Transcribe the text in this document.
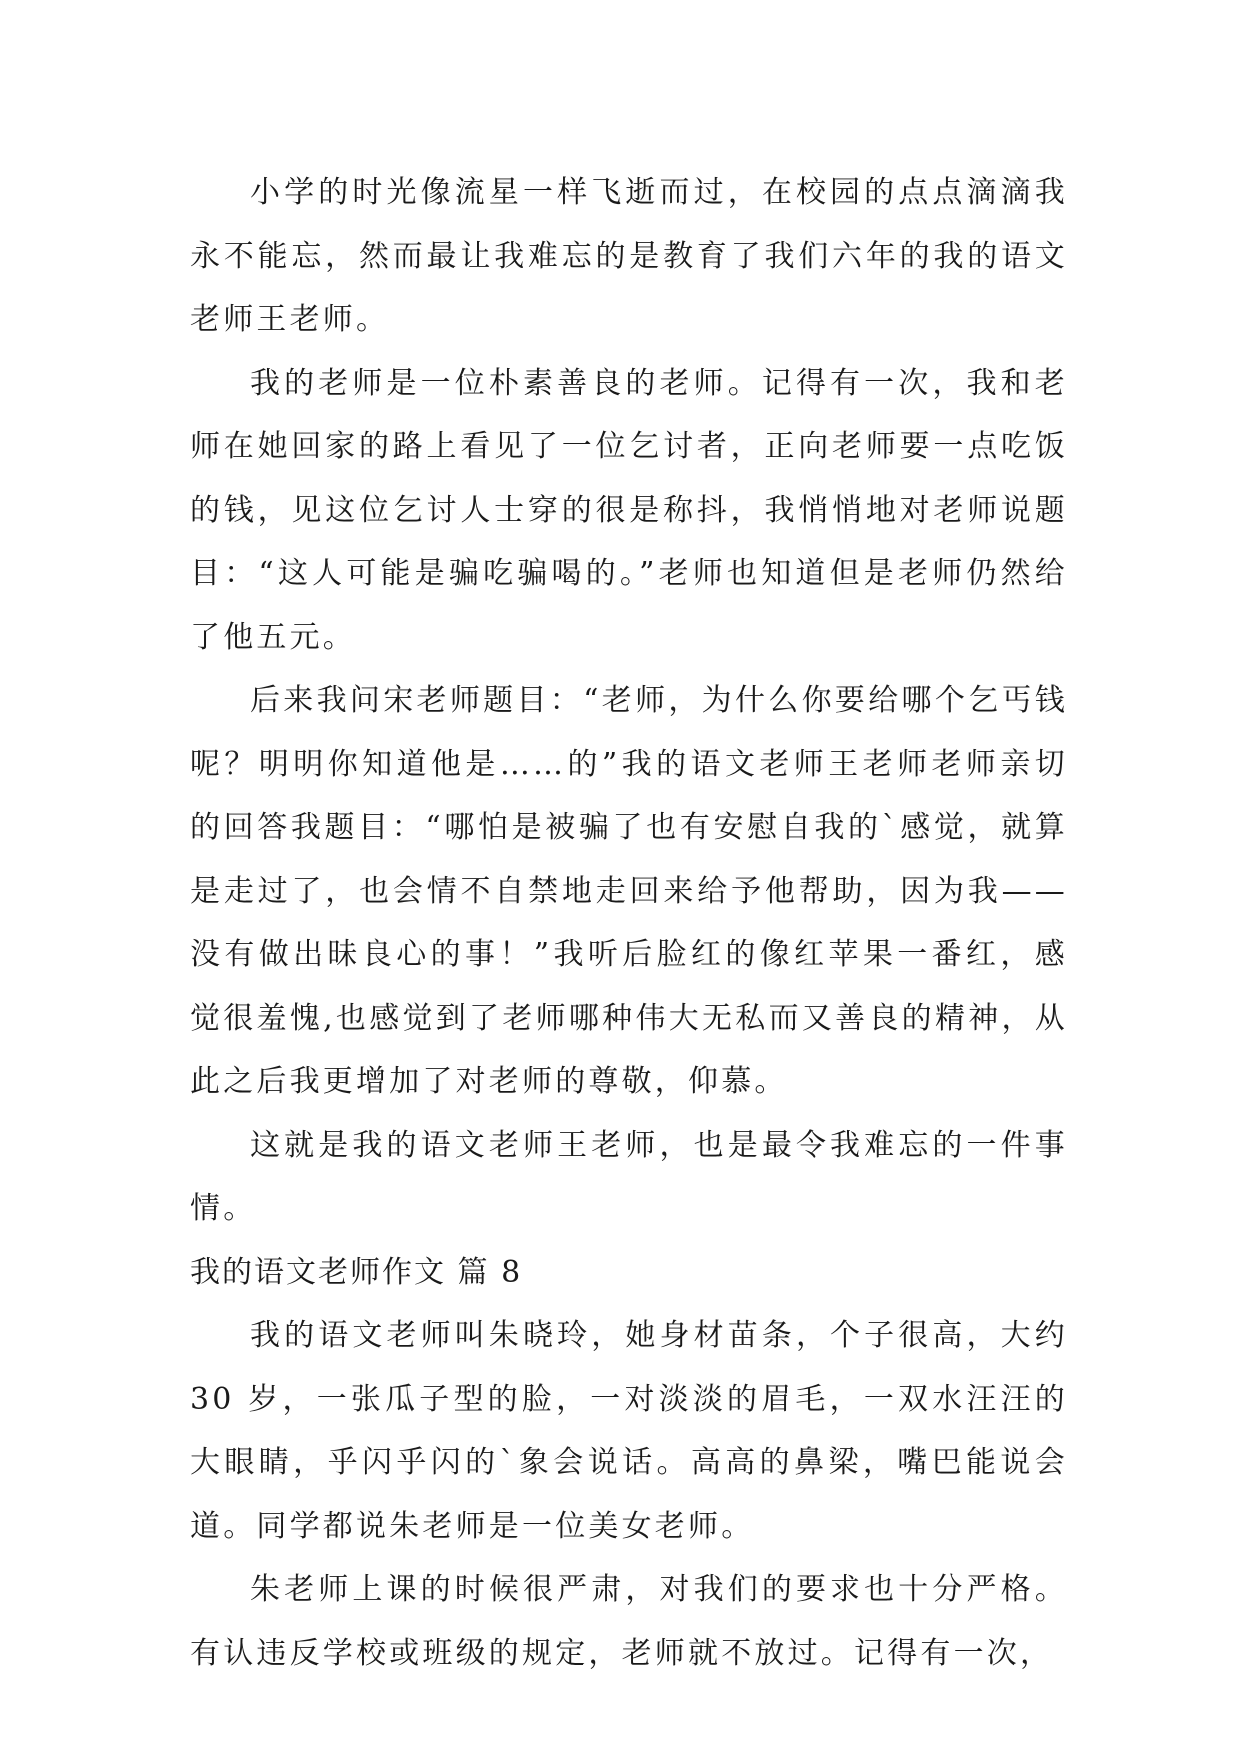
小学的时光像流星一样飞逝而过，在校园的点点滴滴我永不能忘，然而最让我难忘的是教育了我们六年的我的语文老师王老师。

我的老师是一位朴素善良的老师。记得有一次，我和老师在她回家的路上看见了一位乞讨者，正向老师要一点吃饭的钱，见这位乞讨人士穿的很是称抖，我悄悄地对老师说题目：“这人可能是骗吃骗喝的。”老师也知道但是老师仍然给了他五元。

后来我问宋老师题目：“老师，为什么你要给哪个乞丐钱呢？明明你知道他是……的”我的语文老师王老师老师亲切的回答我题目：“哪怕是被骗了也有安慰自我的`感觉，就算是走过了，也会情不自禁地走回来给予他帮助，因为我——没有做出昧良心的事！”我听后脸红的像红苹果一番红，感觉很羞愧,也感觉到了老师哪种伟大无私而又善良的精神，从此之后我更增加了对老师的尊敬，仰慕。

这就是我的语文老师王老师，也是最令我难忘的一件事情。

我的语文老师作文 篇 8

我的语文老师叫朱晓玲，她身材苗条，个子很高，大约 30 岁，一张瓜子型的脸，一对淡淡的眉毛，一双水汪汪的大眼睛，乎闪乎闪的`象会说话。高高的鼻梁，嘴巴能说会道。同学都说朱老师是一位美女老师。

朱老师上课的时候很严肃，对我们的要求也十分严格。有认违反学校或班级的规定，老师就不放过。记得有一次，
